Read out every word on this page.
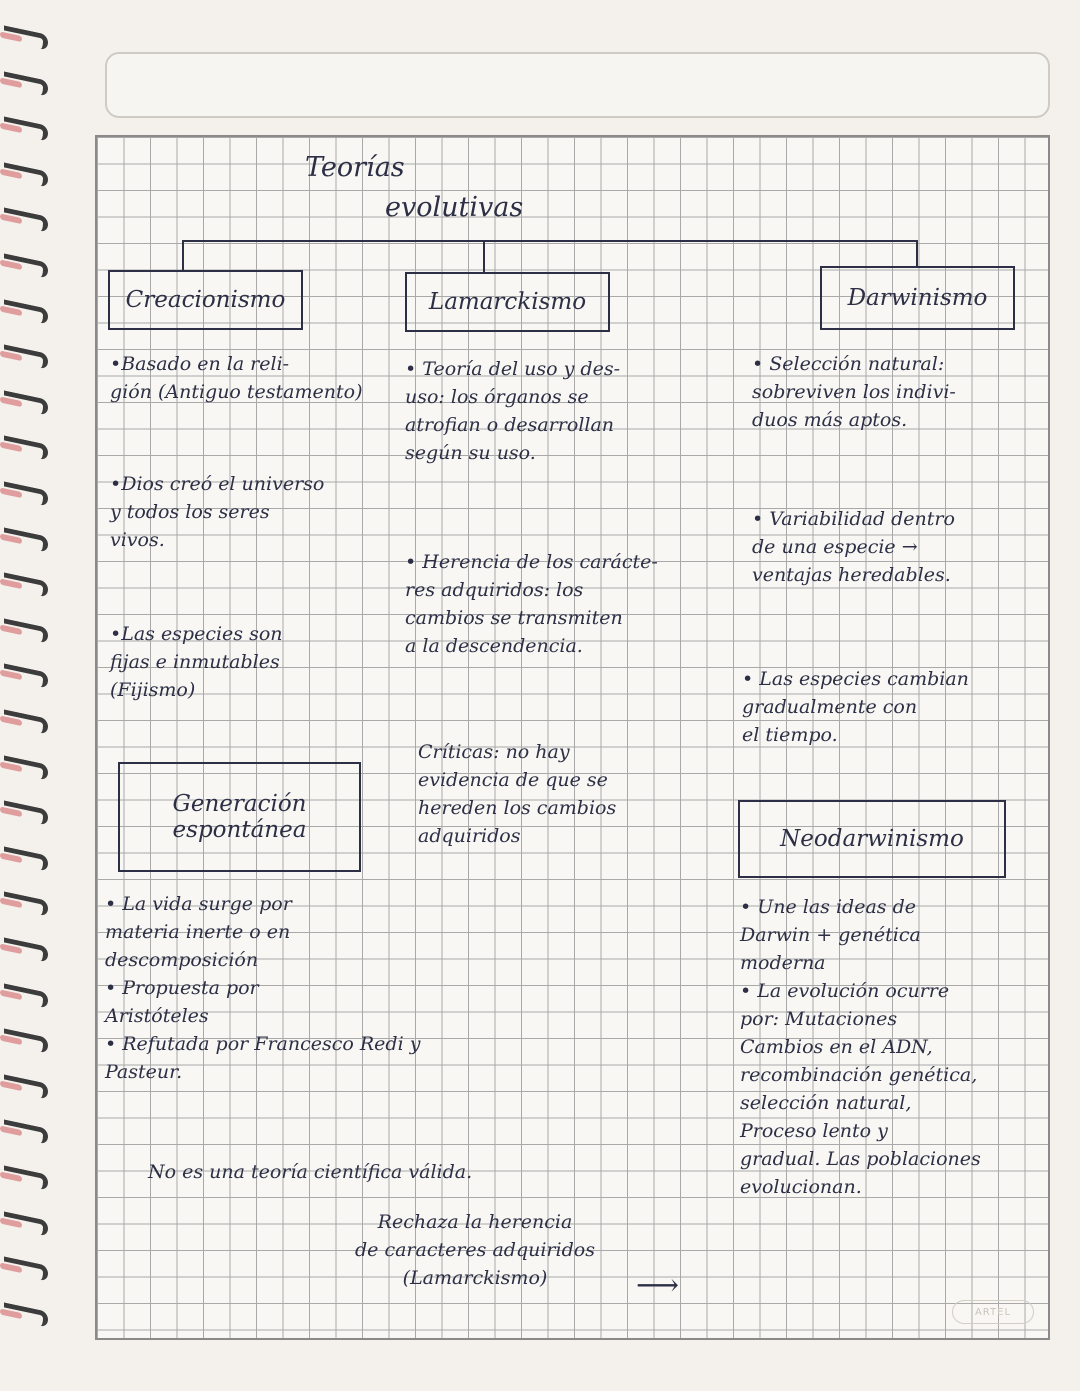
Teorías

evolutivas

Creacionismo

•Basado en la reli-
gión (Antiguo testamento)

•Dios creó el universo
y todos los seres
vivos.

•Las especies son
fijas e inmutables
(Fijismo)

Generación
espontánea

• La vida surge por
materia inerte o en
descomposición
• Propuesta por
Aristóteles
• Refutada por Francesco Redi y
Pasteur.

No es una teoría científica válida.

Lamarckismo

• Teoría del uso y des-
uso: los órganos se
atrofian o desarrollan
según su uso.

• Herencia de los carácte-
res adquiridos: los
cambios se transmiten
a la descendencia.

Críticas: no hay
evidencia de que se
hereden los cambios
adquiridos

Darwinismo

• Selección natural:
sobreviven los indivi-
duos más aptos.

• Variabilidad dentro
de una especie →
ventajas heredables.

• Las especies cambian
gradualmente con
el tiempo.

Neodarwinismo

• Une las ideas de
Darwin + genética
moderna
• La evolución ocurre
por: Mutaciones
Cambios en el ADN,
recombinación genética,
selección natural,
Proceso lento y
gradual. Las poblaciones
evolucionan.

Rechaza la herencia
de caracteres adquiridos
(Lamarckismo)	⟶

ARTEL
